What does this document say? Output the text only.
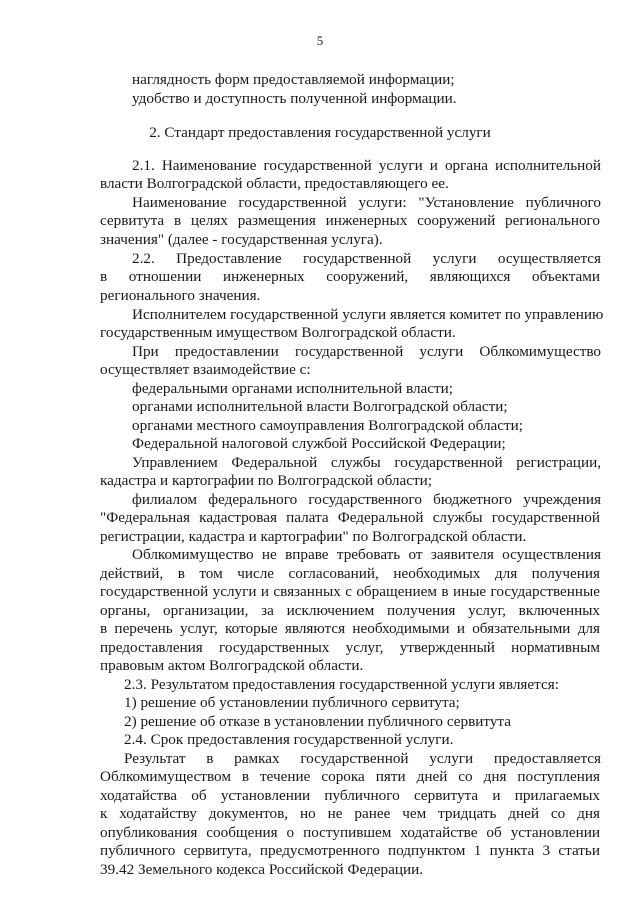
5
наглядность форм предоставляемой информации;
удобство и доступность полученной информации.
2. Стандарт предоставления государственной услуги
2.1. Наименование государственной услуги и органа исполнительной
власти Волгоградской области, предоставляющего ее.
Наименование государственной услуги: "Установление публичного
сервитута в целях размещения инженерных сооружений регионального
значения" (далее - государственная услуга).
2.2. Предоставление государственной услуги осуществляется
в отношении инженерных сооружений, являющихся объектами
регионального значения.
Исполнителем государственной услуги является комитет по управлению
государственным имуществом Волгоградской области.
При предоставлении государственной услуги Облкомимущество
осуществляет взаимодействие с:
федеральными органами исполнительной власти;
органами исполнительной власти Волгоградской области;
органами местного самоуправления Волгоградской области;
Федеральной налоговой службой Российской Федерации;
Управлением Федеральной службы государственной регистрации,
кадастра и картографии по Волгоградской области;
филиалом федерального государственного бюджетного учреждения
"Федеральная кадастровая палата Федеральной службы государственной
регистрации, кадастра и картографии" по Волгоградской области.
Облкомимущество не вправе требовать от заявителя осуществления
действий, в том числе согласований, необходимых для получения
государственной услуги и связанных с обращением в иные государственные
органы, организации, за исключением получения услуг, включенных
в перечень услуг, которые являются необходимыми и обязательными для
предоставления государственных услуг, утвержденный нормативным
правовым актом Волгоградской области.
2.3. Результатом предоставления государственной услуги является:
1) решение об установлении публичного сервитута;
2) решение об отказе в установлении публичного сервитута
2.4. Срок предоставления государственной услуги.
Результат в рамках государственной услуги предоставляется
Облкомимуществом в течение сорока пяти дней со дня поступления
ходатайства об установлении публичного сервитута и прилагаемых
к ходатайству документов, но не ранее чем тридцать дней со дня
опубликования сообщения о поступившем ходатайстве об установлении
публичного сервитута, предусмотренного подпунктом 1 пункта 3 статьи
39.42 Земельного кодекса Российской Федерации.
